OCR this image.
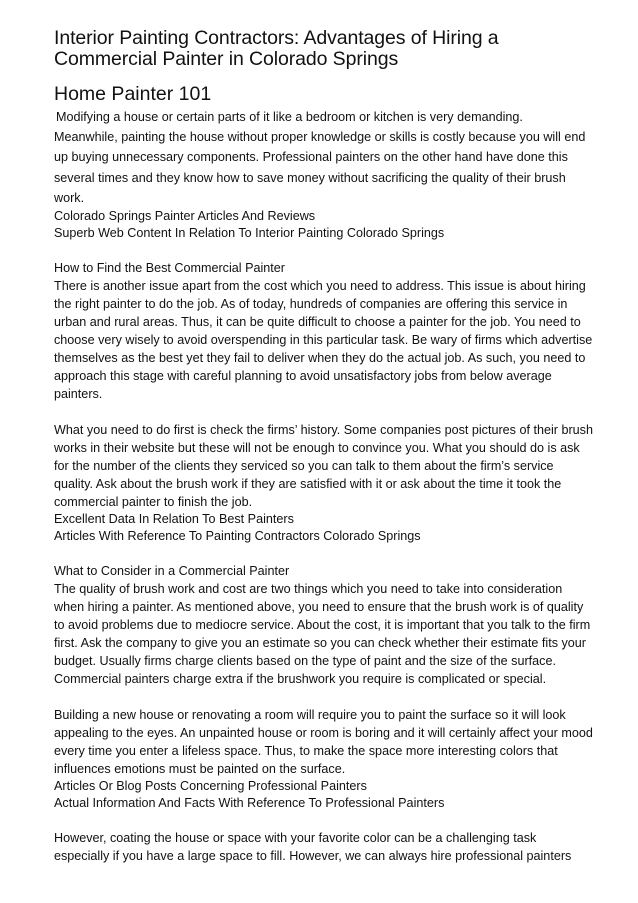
Interior Painting Contractors: Advantages of Hiring a
Commercial Painter in Colorado Springs
Home Painter 101
Modifying a house or certain parts of it like a bedroom or kitchen is very demanding.
Meanwhile, painting the house without proper knowledge or skills is costly because you will end up buying unnecessary components. Professional painters on the other hand have done this several times and they know how to save money without sacrificing the quality of their brush work.
Colorado Springs Painter Articles And Reviews
Superb Web Content In Relation To Interior Painting Colorado Springs
How to Find the Best Commercial Painter

There is another issue apart from the cost which you need to address. This issue is about hiring the right painter to do the job. As of today, hundreds of companies are offering this service in urban and rural areas. Thus, it can be quite difficult to choose a painter for the job. You need to choose very wisely to avoid overspending in this particular task. Be wary of firms which advertise themselves as the best yet they fail to deliver when they do the actual job. As such, you need to approach this stage with careful planning to avoid unsatisfactory jobs from below average painters.

What you need to do first is check the firms’ history. Some companies post pictures of their brush works in their website but these will not be enough to convince you. What you should do is ask for the number of the clients they serviced so you can talk to them about the firm’s service quality. Ask about the brush work if they are satisfied with it or ask about the time it took the commercial painter to finish the job.

Excellent Data In Relation To Best Painters
Articles With Reference To Painting Contractors Colorado Springs
What to Consider in a Commercial Painter

The quality of brush work and cost are two things which you need to take into consideration when hiring a painter. As mentioned above, you need to ensure that the brush work is of quality to avoid problems due to mediocre service. About the cost, it is important that you talk to the firm first. Ask the company to give you an estimate so you can check whether their estimate fits your budget. Usually firms charge clients based on the type of paint and the size of the surface. Commercial painters charge extra if the brushwork you require is complicated or special.

Building a new house or renovating a room will require you to paint the surface so it will look appealing to the eyes. An unpainted house or room is boring and it will certainly affect your mood every time you enter a lifeless space. Thus, to make the space more interesting colors that influences emotions must be painted on the surface.

Articles Or Blog Posts Concerning Professional Painters
Actual Information And Facts With Reference To Professional Painters

However, coating the house or space with your favorite color can be a challenging task especially if you have a large space to fill. However, we can always hire professional painters
